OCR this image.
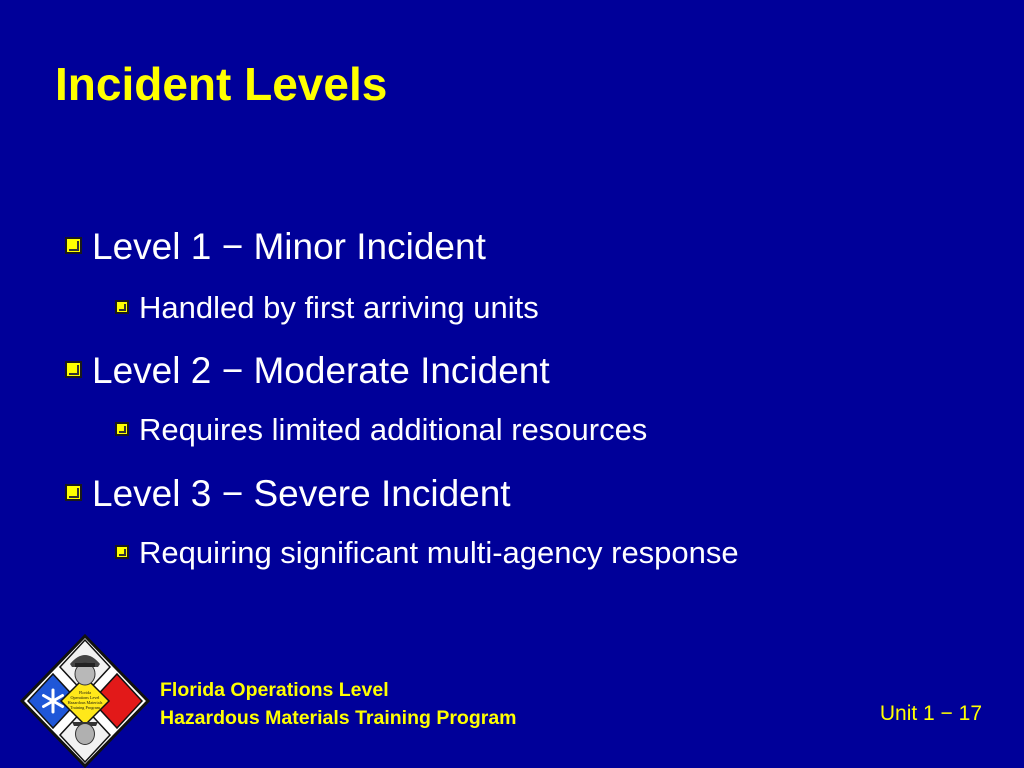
Incident Levels
Level 1 − Minor Incident
Handled by first arriving units
Level 2 − Moderate Incident
Requires limited additional resources
Level 3 − Severe Incident
Requiring significant multi-agency response
Florida
Operations Level
Hazardous Materials
Training Program
Florida Operations Level
Hazardous Materials Training Program	Unit 1 − 17
